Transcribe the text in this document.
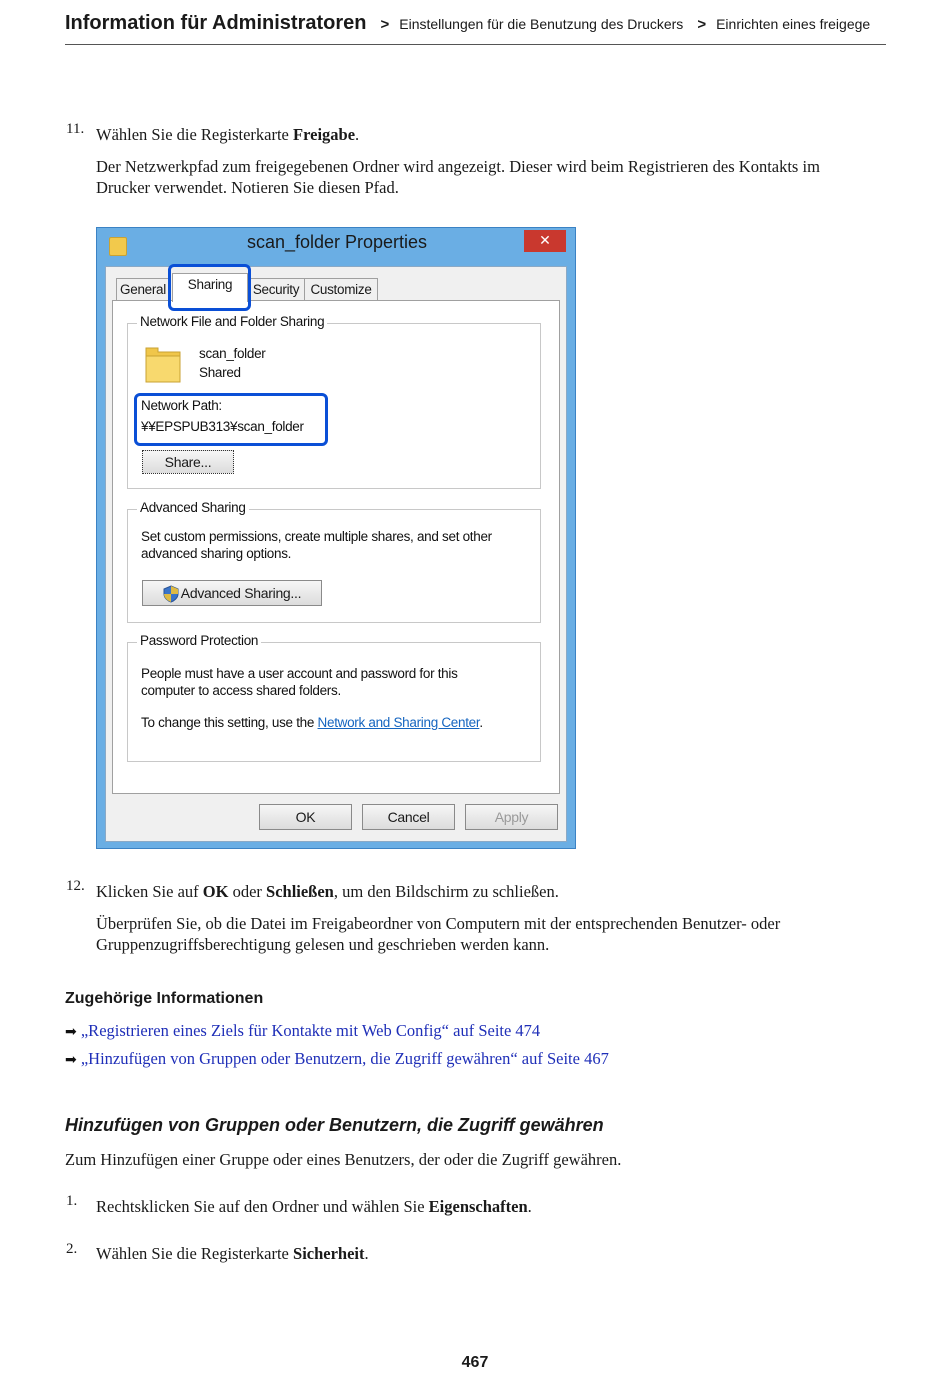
Information für Administratoren > Einstellungen für die Benutzung des Druckers > Einrichten eines freigege
11. Wählen Sie die Registerkarte Freigabe.
Der Netzwerkpfad zum freigegebenen Ordner wird angezeigt. Dieser wird beim Registrieren des Kontakts im
Drucker verwendet. Notieren Sie diesen Pfad.
scan_folder Properties	✕
General	Security Customize
Network File and Folder Sharing
scan_folder
Shared
Network Path:
¥¥EPSPUB313¥scan_folder
Share...
Advanced Sharing
Set custom permissions, create multiple shares, and set other
advanced sharing options.
Advanced Sharing...
Password Protection
People must have a user account and password for this
computer to access shared folders.
To change this setting, use the Network and Sharing Center.
Sharing
OK	Cancel	Apply
12. Klicken Sie auf OK oder Schließen, um den Bildschirm zu schließen.
Überprüfen Sie, ob die Datei im Freigabeordner von Computern mit der entsprechenden Benutzer- oder
Gruppenzugriffsberechtigung gelesen und geschrieben werden kann.
Zugehörige Informationen
➡ „Registrieren eines Ziels für Kontakte mit Web Config“ auf Seite 474
➡ „Hinzufügen von Gruppen oder Benutzern, die Zugriff gewähren“ auf Seite 467
Hinzufügen von Gruppen oder Benutzern, die Zugriff gewähren
Zum Hinzufügen einer Gruppe oder eines Benutzers, der oder die Zugriff gewähren.
1. Rechtsklicken Sie auf den Ordner und wählen Sie Eigenschaften.
2. Wählen Sie die Registerkarte Sicherheit.
467
